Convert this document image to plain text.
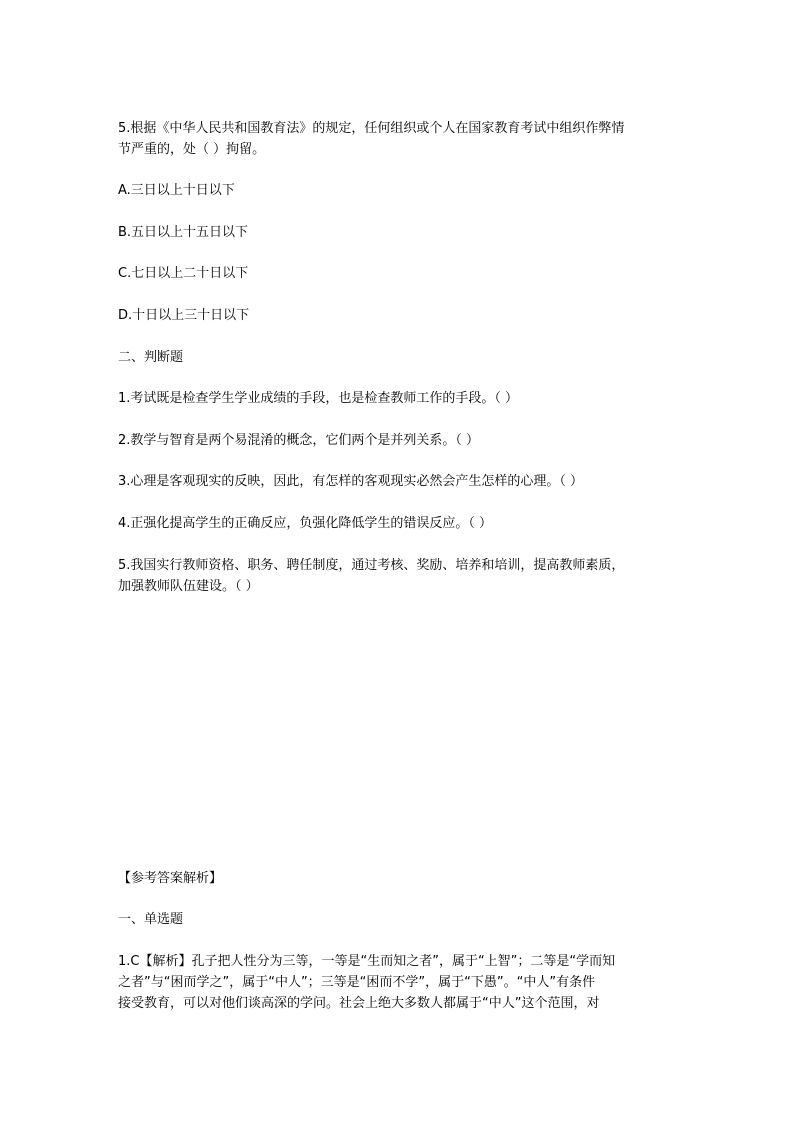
5.根据《中华人民共和国教育法》的规定，任何组织或个人在国家教育考试中组织作弊情
节严重的，处（ ）拘留。

A.三日以上十日以下

B.五日以上十五日以下

C.七日以上二十日以下

D.十日以上三十日以下

二、判断题

1.考试既是检查学生学业成绩的手段，也是检查教师工作的手段。（ ）

2.教学与智育是两个易混淆的概念，它们两个是并列关系。（ ）

3.心理是客观现实的反映，因此，有怎样的客观现实必然会产生怎样的心理。（ ）

4.正强化提高学生的正确反应，负强化降低学生的错误反应。（ ）

5.我国实行教师资格、职务、聘任制度，通过考核、奖励、培养和培训，提高教师素质，
加强教师队伍建设。（ ）

【参考答案解析】

一、单选题

1.C【解析】孔子把人性分为三等，一等是“生而知之者”，属于“上智”；二等是“学而知
之者”与“困而学之”，属于“中人”；三等是“困而不学”，属于“下愚”。“中人”有条件
接受教育，可以对他们谈高深的学问。社会上绝大多数人都属于“中人”这个范围，对
